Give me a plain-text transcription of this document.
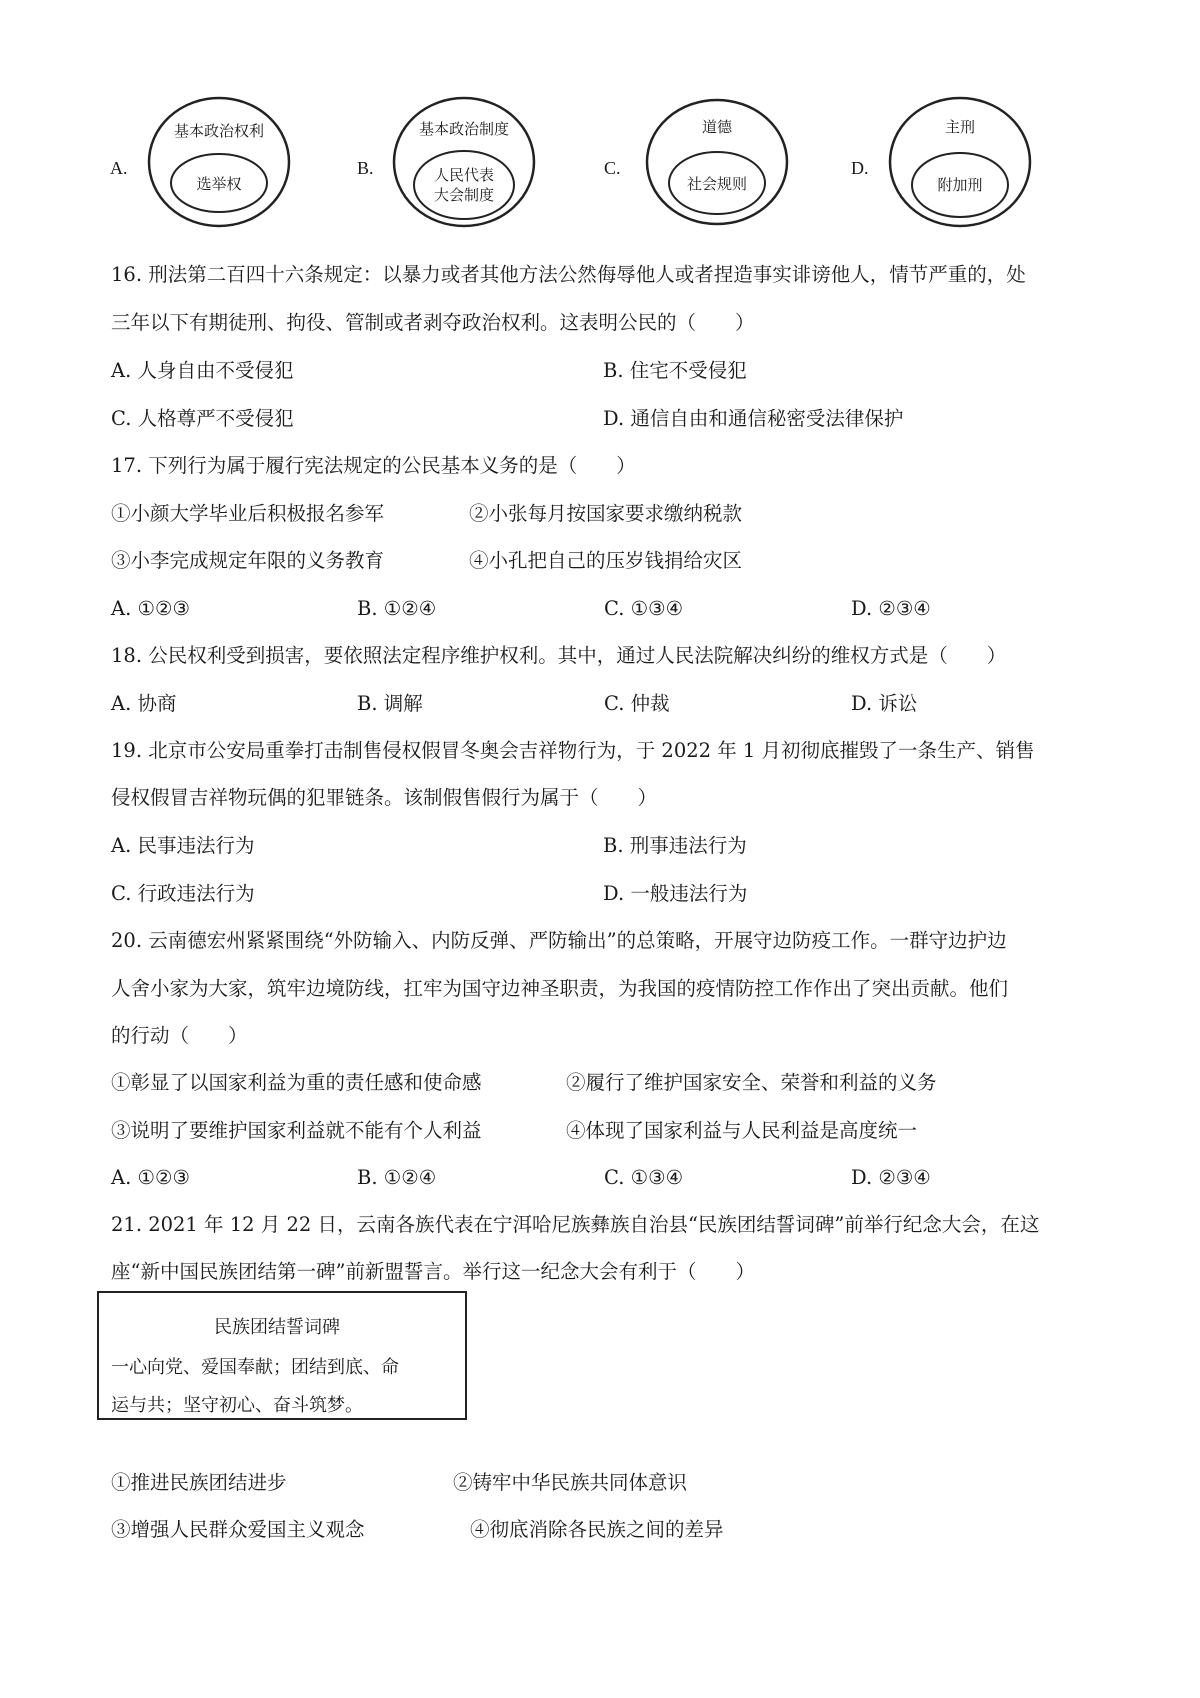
A.
基本政治权利
选举权
B.
基本政治制度
人民代表
大会制度
C.
道德
社会规则
D.
主刑
附加刑
16. 刑法第二百四十六条规定：以暴力或者其他方法公然侮辱他人或者捏造事实诽谤他人，情节严重的，处
三年以下有期徒刑、拘役、管制或者剥夺政治权利。这表明公民的（　　）
A. 人身自由不受侵犯	B. 住宅不受侵犯
C. 人格尊严不受侵犯	D. 通信自由和通信秘密受法律保护
17. 下列行为属于履行宪法规定的公民基本义务的是（　　）
①小颜大学毕业后积极报名参军	②小张每月按国家要求缴纳税款
③小李完成规定年限的义务教育	④小孔把自己的压岁钱捐给灾区
A. ①②③	B. ①②④	C. ①③④	D. ②③④
18. 公民权利受到损害，要依照法定程序维护权利。其中，通过人民法院解决纠纷的维权方式是（　　）
A. 协商	B. 调解	C. 仲裁	D. 诉讼
19. 北京市公安局重拳打击制售侵权假冒冬奥会吉祥物行为，于 2022 年 1 月初彻底摧毁了一条生产、销售
侵权假冒吉祥物玩偶的犯罪链条。该制假售假行为属于（　　）
A. 民事违法行为	B. 刑事违法行为
C. 行政违法行为	D. 一般违法行为
20. 云南德宏州紧紧围绕“外防输入、内防反弹、严防输出”的总策略，开展守边防疫工作。一群守边护边
人舍小家为大家，筑牢边境防线，扛牢为国守边神圣职责，为我国的疫情防控工作作出了突出贡献。他们
的行动（　　）
①彰显了以国家利益为重的责任感和使命感	②履行了维护国家安全、荣誉和利益的义务
③说明了要维护国家利益就不能有个人利益	④体现了国家利益与人民利益是高度统一
A. ①②③	B. ①②④	C. ①③④	D. ②③④
21. 2021 年 12 月 22 日，云南各族代表在宁洱哈尼族彝族自治县“民族团结誓词碑”前举行纪念大会，在这
座“新中国民族团结第一碑”前新盟誓言。举行这一纪念大会有利于（　　）
民族团结誓词碑
一心向党、爱国奉献；团结到底、命
运与共；坚守初心、奋斗筑梦。
①推进民族团结进步	②铸牢中华民族共同体意识
③增强人民群众爱国主义观念	④彻底消除各民族之间的差异
